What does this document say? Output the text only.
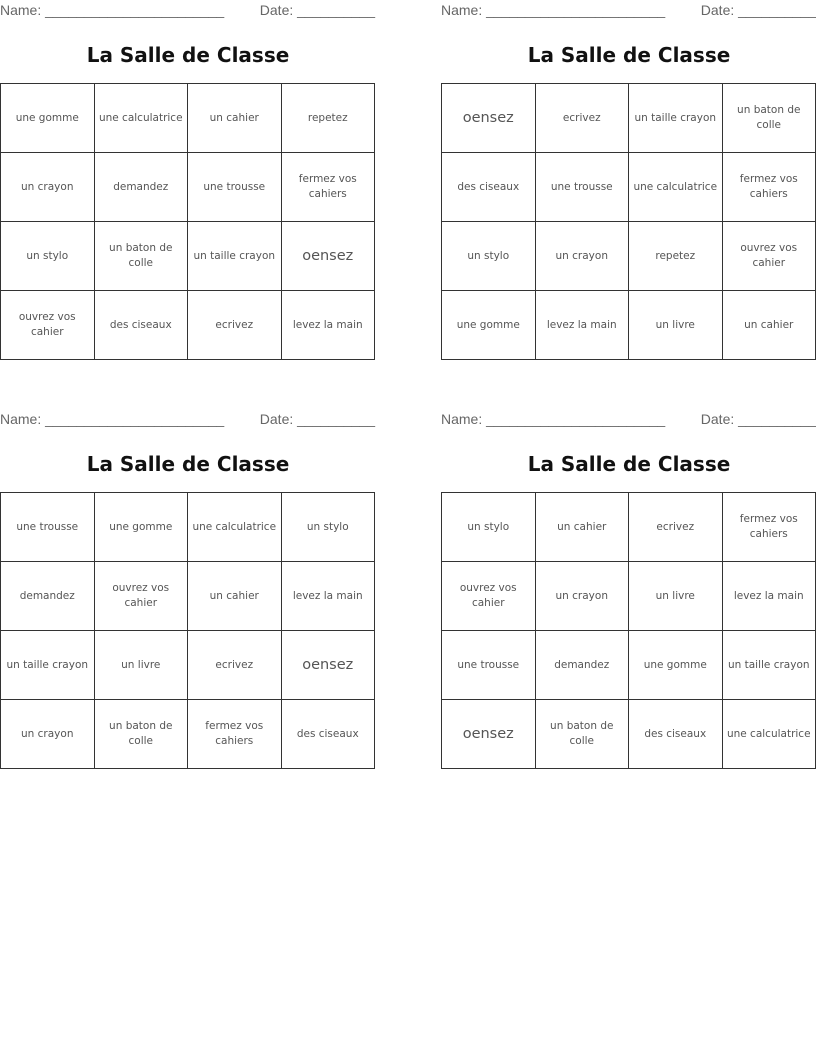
Name: _______________________	Date: __________
La Salle de Classe
une gomme	une calculatrice	un cahier	repetez
un crayon	demandez	une trousse	fermez vos cahiers
un stylo	un baton de colle	un taille crayon	oensez
ouvrez vos cahier	des ciseaux	ecrivez	levez la main
Name: _______________________	Date: __________
La Salle de Classe
oensez	ecrivez	un taille crayon	un baton de colle
des ciseaux	une trousse	une calculatrice	fermez vos cahiers
un stylo	un crayon	repetez	ouvrez vos cahier
une gomme	levez la main	un livre	un cahier
Name: _______________________	Date: __________
La Salle de Classe
une trousse	une gomme	une calculatrice	un stylo
demandez	ouvrez vos cahier	un cahier	levez la main
un taille crayon	un livre	ecrivez	oensez
un crayon	un baton de colle	fermez vos cahiers	des ciseaux
Name: _______________________	Date: __________
La Salle de Classe
un stylo	un cahier	ecrivez	fermez vos cahiers
ouvrez vos cahier	un crayon	un livre	levez la main
une trousse	demandez	une gomme	un taille crayon
oensez	un baton de colle	des ciseaux	une calculatrice
